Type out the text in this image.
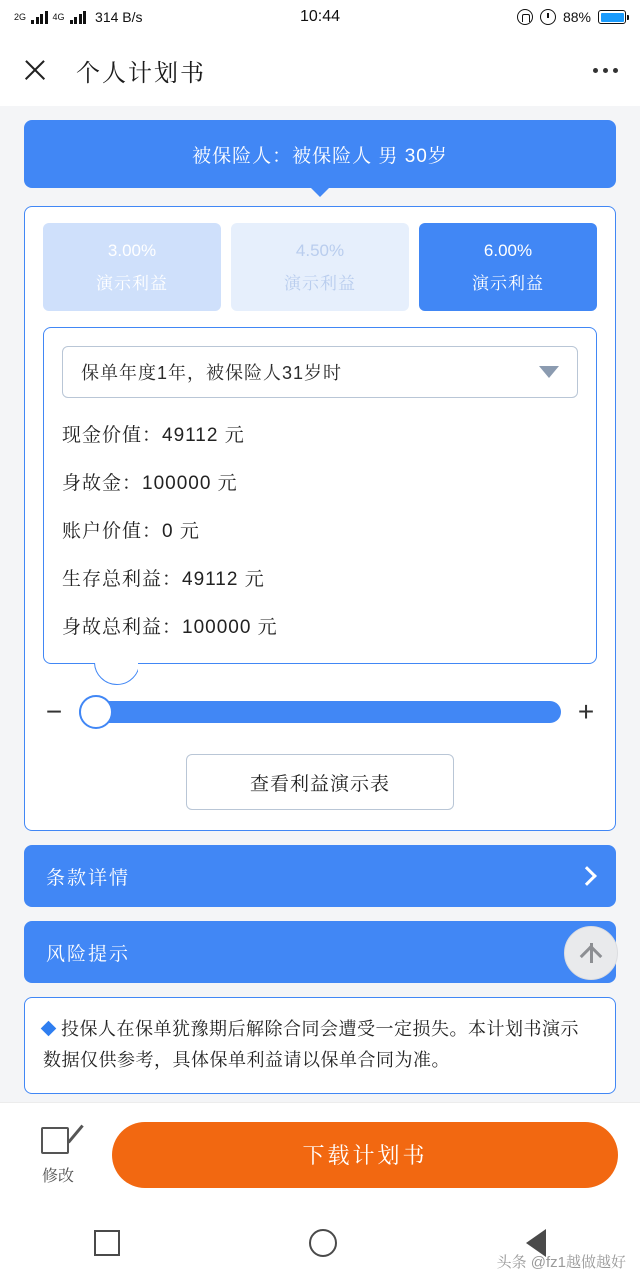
2G	4G 314 B/s	10:44	88%
个人计划书
被保险人：被保险人 男 30岁
3.00%
演示利益
4.50%
演示利益
6.00%
演示利益
保单年度1年，被保险人31岁时
现金价值：49112 元
身故金：100000 元
账户价值：0 元
生存总利益：49112 元
身故总利益：100000 元
−	+
查看利益演示表
条款详情
风险提示
投保人在保单犹豫期后解除合同会遭受一定损失。本计划书演示数据仅供参考，具体保单利益请以保单合同为准。
修改
下载计划书
头条 @fz1越做越好
